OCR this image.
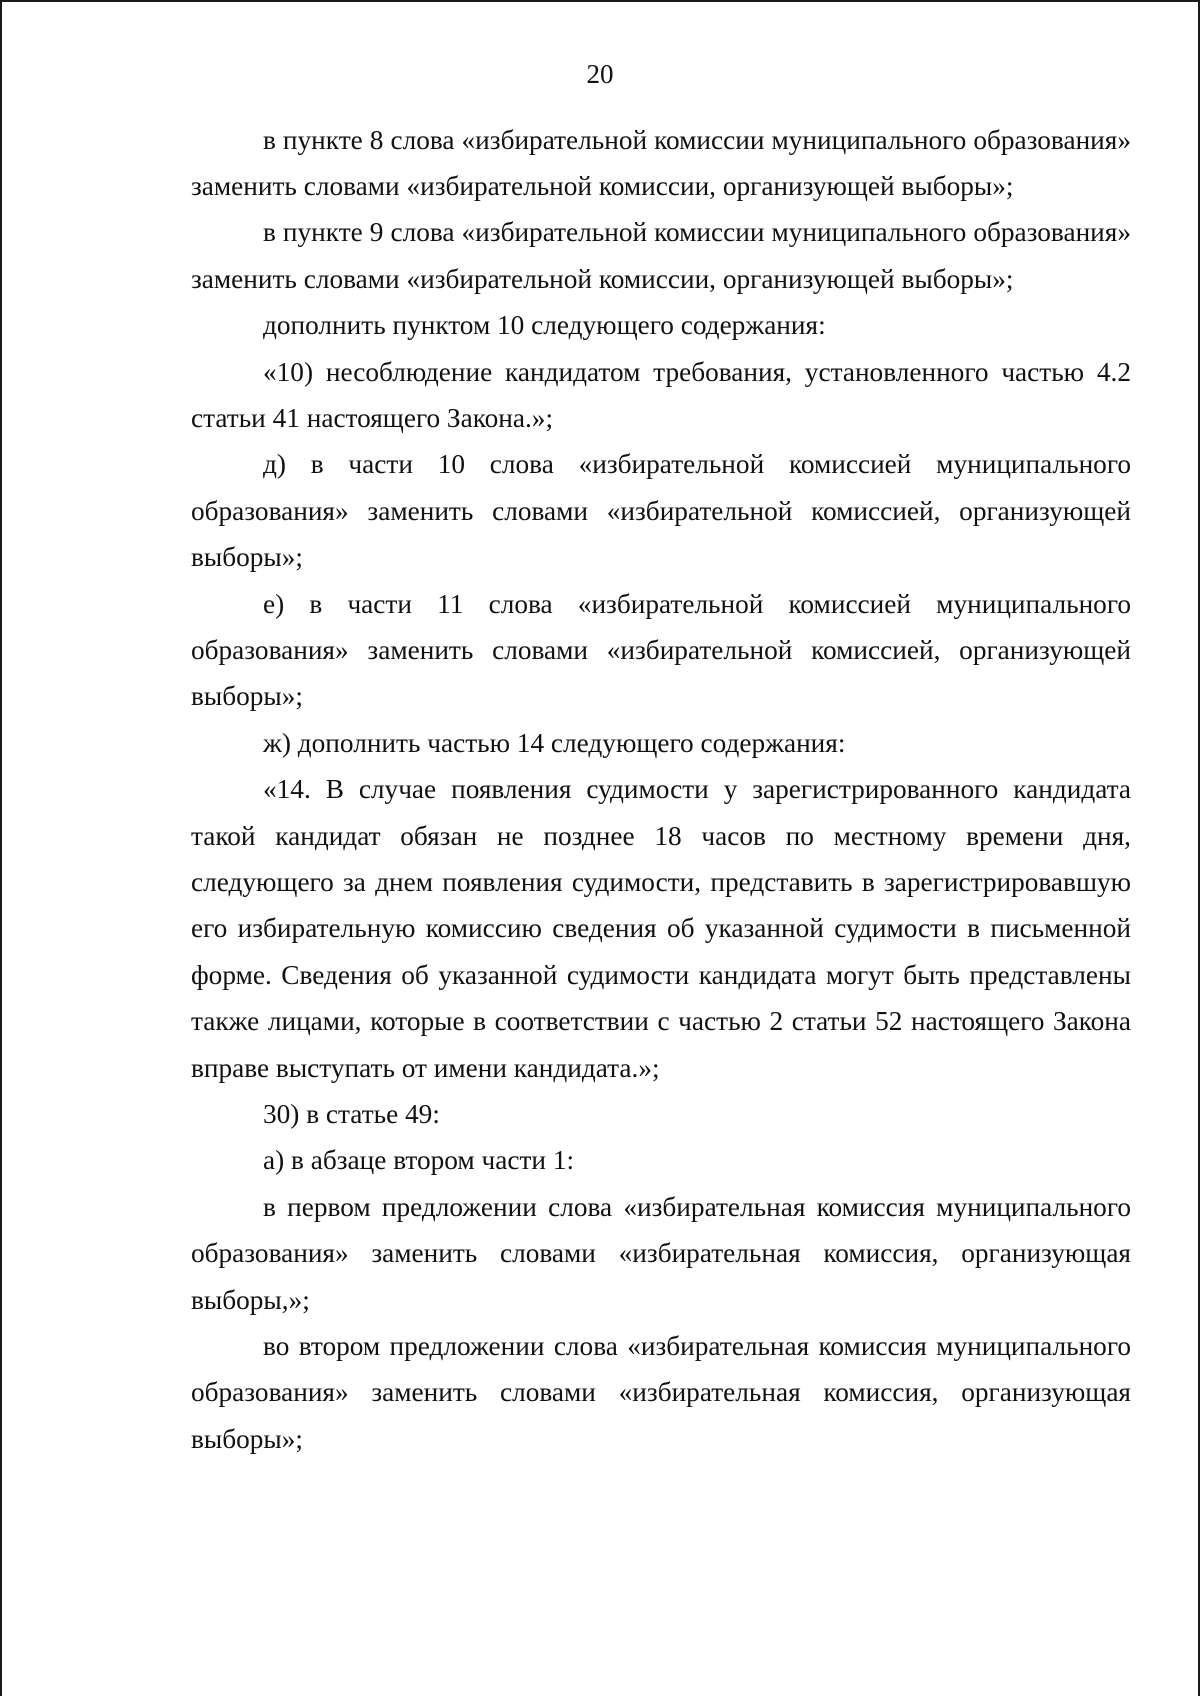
20

в пункте 8 слова «избирательной комиссии муниципального образования» заменить словами «избирательной комиссии, организующей выборы»;

в пункте 9 слова «избирательной комиссии муниципального образования» заменить словами «избирательной комиссии, организующей выборы»;

дополнить пунктом 10 следующего содержания:

«10) несоблюдение кандидатом требования, установленного частью 4.2 статьи 41 настоящего Закона.»;

д) в части 10 слова «избирательной комиссией муниципального образования» заменить словами «избирательной комиссией, организующей выборы»;

е) в части 11 слова «избирательной комиссией муниципального образования» заменить словами «избирательной комиссией, организующей выборы»;

ж) дополнить частью 14 следующего содержания:

«14. В случае появления судимости у зарегистрированного кандидата такой кандидат обязан не позднее 18 часов по местному времени дня, следующего за днем появления судимости, представить в зарегистрировавшую его избирательную комиссию сведения об указанной судимости в письменной форме. Сведения об указанной судимости кандидата могут быть представлены также лицами, которые в соответствии с частью 2 статьи 52 настоящего Закона вправе выступать от имени кандидата.»;

30) в статье 49:

а) в абзаце втором части 1:

в первом предложении слова «избирательная комиссия муниципального образования» заменить словами «избирательная комиссия, организующая выборы,»;

во втором предложении слова «избирательная комиссия муниципального образования» заменить словами «избирательная комиссия, организующая выборы»;
